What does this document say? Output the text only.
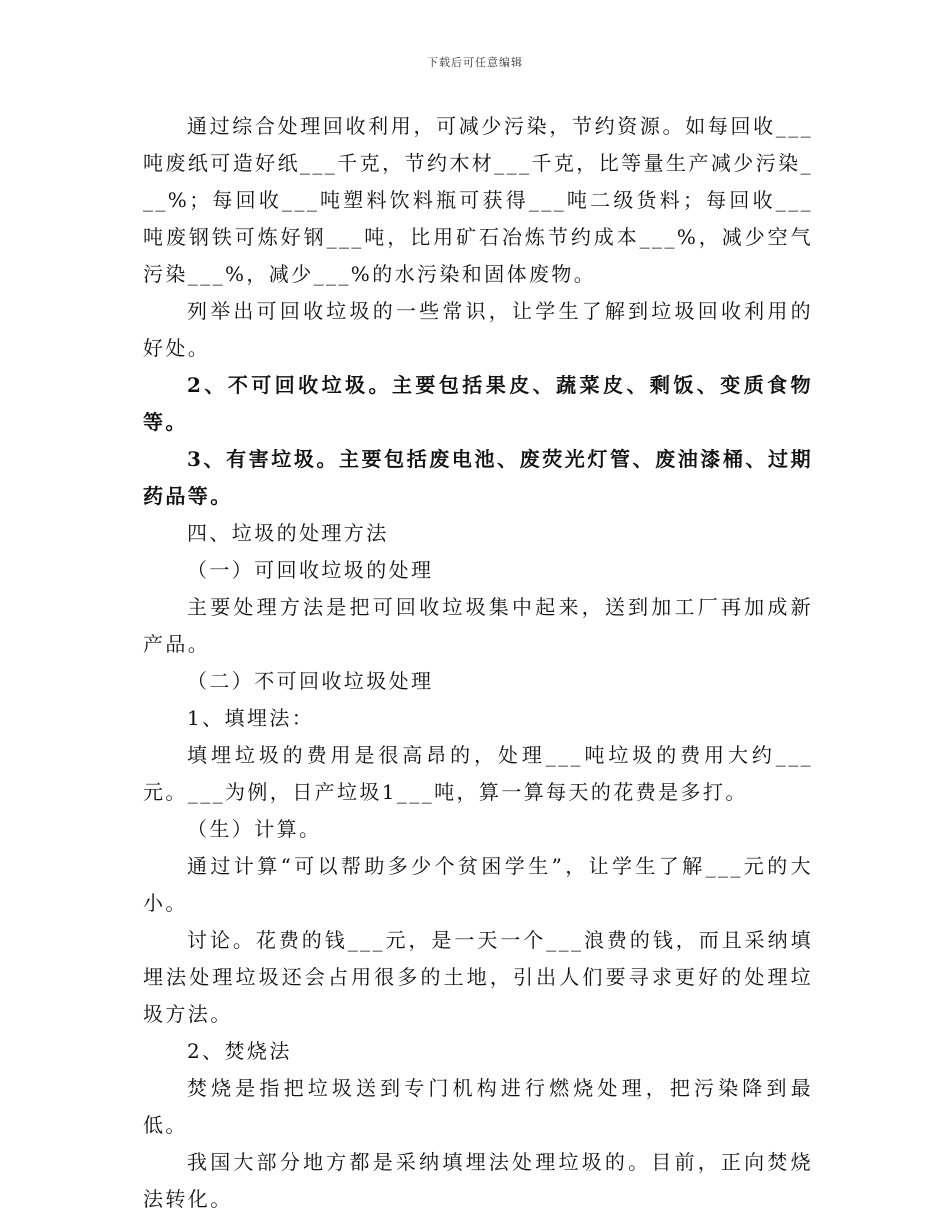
下载后可任意编辑

通过综合处理回收利用，可减少污染，节约资源。如每回收___吨废纸可造好纸___千克，节约木材___千克，比等量生产减少污染___%；每回收___吨塑料饮料瓶可获得___吨二级货料；每回收___吨废钢铁可炼好钢___吨，比用矿石冶炼节约成本___%，减少空气污染___%，减少___%的水污染和固体废物。

列举出可回收垃圾的一些常识，让学生了解到垃圾回收利用的好处。

2、不可回收垃圾。主要包括果皮、蔬菜皮、剩饭、变质食物等。

3、有害垃圾。主要包括废电池、废荧光灯管、废油漆桶、过期药品等。

四、垃圾的处理方法

（一）可回收垃圾的处理

主要处理方法是把可回收垃圾集中起来，送到加工厂再加成新产品。

（二）不可回收垃圾处理

1、填埋法：

填埋垃圾的费用是很高昂的，处理___吨垃圾的费用大约___元。___为例，日产垃圾1___吨，算一算每天的花费是多打。

（生）计算。

通过计算“可以帮助多少个贫困学生”，让学生了解___元的大小。

讨论。花费的钱___元，是一天一个___浪费的钱，而且采纳填埋法处理垃圾还会占用很多的土地，引出人们要寻求更好的处理垃圾方法。

2、焚烧法

焚烧是指把垃圾送到专门机构进行燃烧处理，把污染降到最低。

我国大部分地方都是采纳填埋法处理垃圾的。目前，正向焚烧法转化。
